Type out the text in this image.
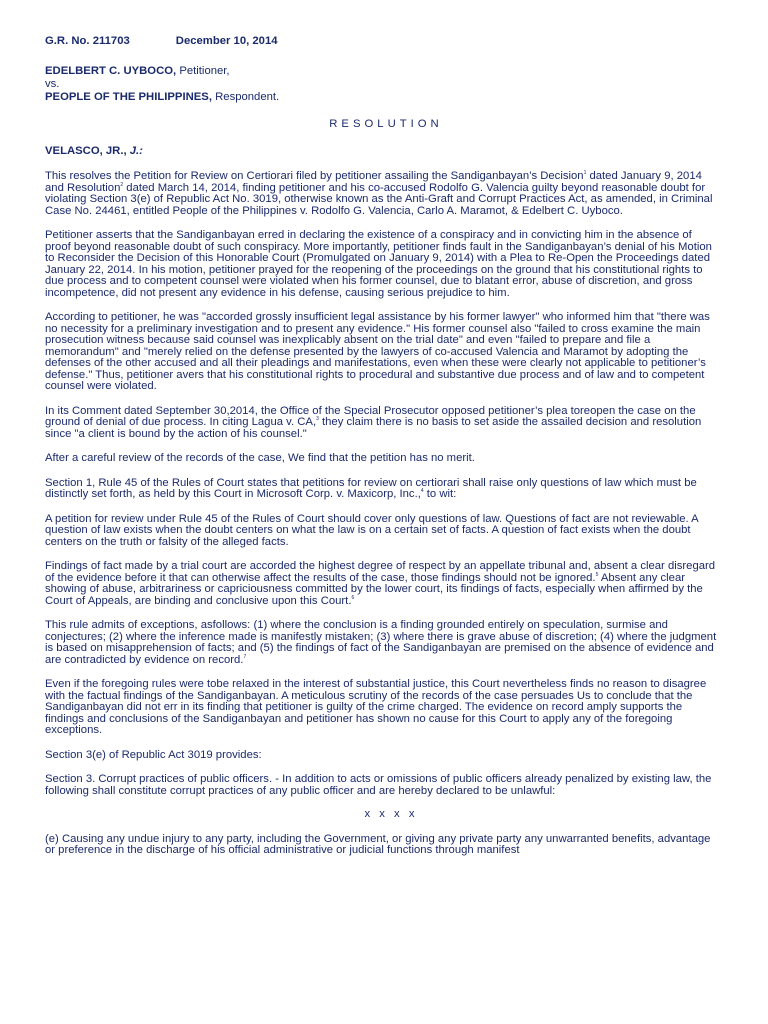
G.R. No. 211703	December 10, 2014
EDELBERT C. UYBOCO, Petitioner,
vs.
PEOPLE OF THE PHILIPPINES, Respondent.
RESOLUTION
VELASCO, JR., J.:

This resolves the Petition for Review on Certiorari filed by petitioner assailing the Sandiganbayan’s Decision$^1$ dated January 9, 2014 and Resolution$^2$ dated March 14, 2014, finding petitioner and his co-accused Rodolfo G. Valencia guilty beyond reasonable doubt for violating Section 3(e) of Republic Act No. 3019, otherwise known as the Anti-Graft and Corrupt Practices Act, as amended, in Criminal Case No. 24461, entitled People of the Philippines v. Rodolfo G. Valencia, Carlo A. Maramot, & Edelbert C. Uyboco.

Petitioner asserts that the Sandiganbayan erred in declaring the existence of a conspiracy and in convicting him in the absence of proof beyond reasonable doubt of such conspiracy. More importantly, petitioner finds fault in the Sandiganbayan’s denial of his Motion to Reconsider the Decision of this Honorable Court (Promulgated on January 9, 2014) with a Plea to Re-Open the Proceedings dated January 22, 2014. In his motion, petitioner prayed for the reopening of the proceedings on the ground that his constitutional rights to due process and to competent counsel were violated when his former counsel, due to blatant error, abuse of discretion, and gross incompetence, did not present any evidence in his defense, causing serious prejudice to him.

According to petitioner, he was "accorded grossly insufficient legal assistance by his former lawyer" who informed him that "there was no necessity for a preliminary investigation and to present any evidence." His former counsel also "failed to cross examine the main prosecution witness because said counsel was inexplicably absent on the trial date" and even "failed to prepare and file a memorandum" and "merely relied on the defense presented by the lawyers of co-accused Valencia and Maramot by adopting the defenses of the other accused and all their pleadings and manifestations, even when these were clearly not applicable to petitioner’s defense." Thus, petitioner avers that his constitutional rights to procedural and substantive due process and of law and to competent counsel were violated.

In its Comment dated September 30,2014, the Office of the Special Prosecutor opposed petitioner’s plea toreopen the case on the ground of denial of due process. In citing Lagua v. CA,$^3$ they claim there is no basis to set aside the assailed decision and resolution since "a client is bound by the action of his counsel."

After a careful review of the records of the case, We find that the petition has no merit.

Section 1, Rule 45 of the Rules of Court states that petitions for review on certiorari shall raise only questions of law which must be distinctly set forth, as held by this Court in Microsoft Corp. v. Maxicorp, Inc.,$^4$ to wit:

A petition for review under Rule 45 of the Rules of Court should cover only questions of law. Questions of fact are not reviewable. A question of law exists when the doubt centers on what the law is on a certain set of facts. A question of fact exists when the doubt centers on the truth or falsity of the alleged facts.

Findings of fact made by a trial court are accorded the highest degree of respect by an appellate tribunal and, absent a clear disregard of the evidence before it that can otherwise affect the results of the case, those findings should not be ignored.$^5$ Absent any clear showing of abuse, arbitrariness or capriciousness committed by the lower court, its findings of facts, especially when affirmed by the Court of Appeals, are binding and conclusive upon this Court.$^6$

This rule admits of exceptions, asfollows: (1) where the conclusion is a finding grounded entirely on speculation, surmise and conjectures; (2) where the inference made is manifestly mistaken; (3) where there is grave abuse of discretion; (4) where the judgment is based on misapprehension of facts; and (5) the findings of fact of the Sandiganbayan are premised on the absence of evidence and are contradicted by evidence on record.$^7$

Even if the foregoing rules were tobe relaxed in the interest of substantial justice, this Court nevertheless finds no reason to disagree with the factual findings of the Sandiganbayan. A meticulous scrutiny of the records of the case persuades Us to conclude that the Sandiganbayan did not err in its finding that petitioner is guilty of the crime charged. The evidence on record amply supports the findings and conclusions of the Sandiganbayan and petitioner has shown no cause for this Court to apply any of the foregoing exceptions.

Section 3(e) of Republic Act 3019 provides:

Section 3. Corrupt practices of public officers. - In addition to acts or omissions of public officers already penalized by existing law, the following shall constitute corrupt practices of any public officer and are hereby declared to be unlawful:

x x x x

(e) Causing any undue injury to any party, including the Government, or giving any private party any unwarranted benefits, advantage or preference in the discharge of his official administrative or judicial functions through manifest
